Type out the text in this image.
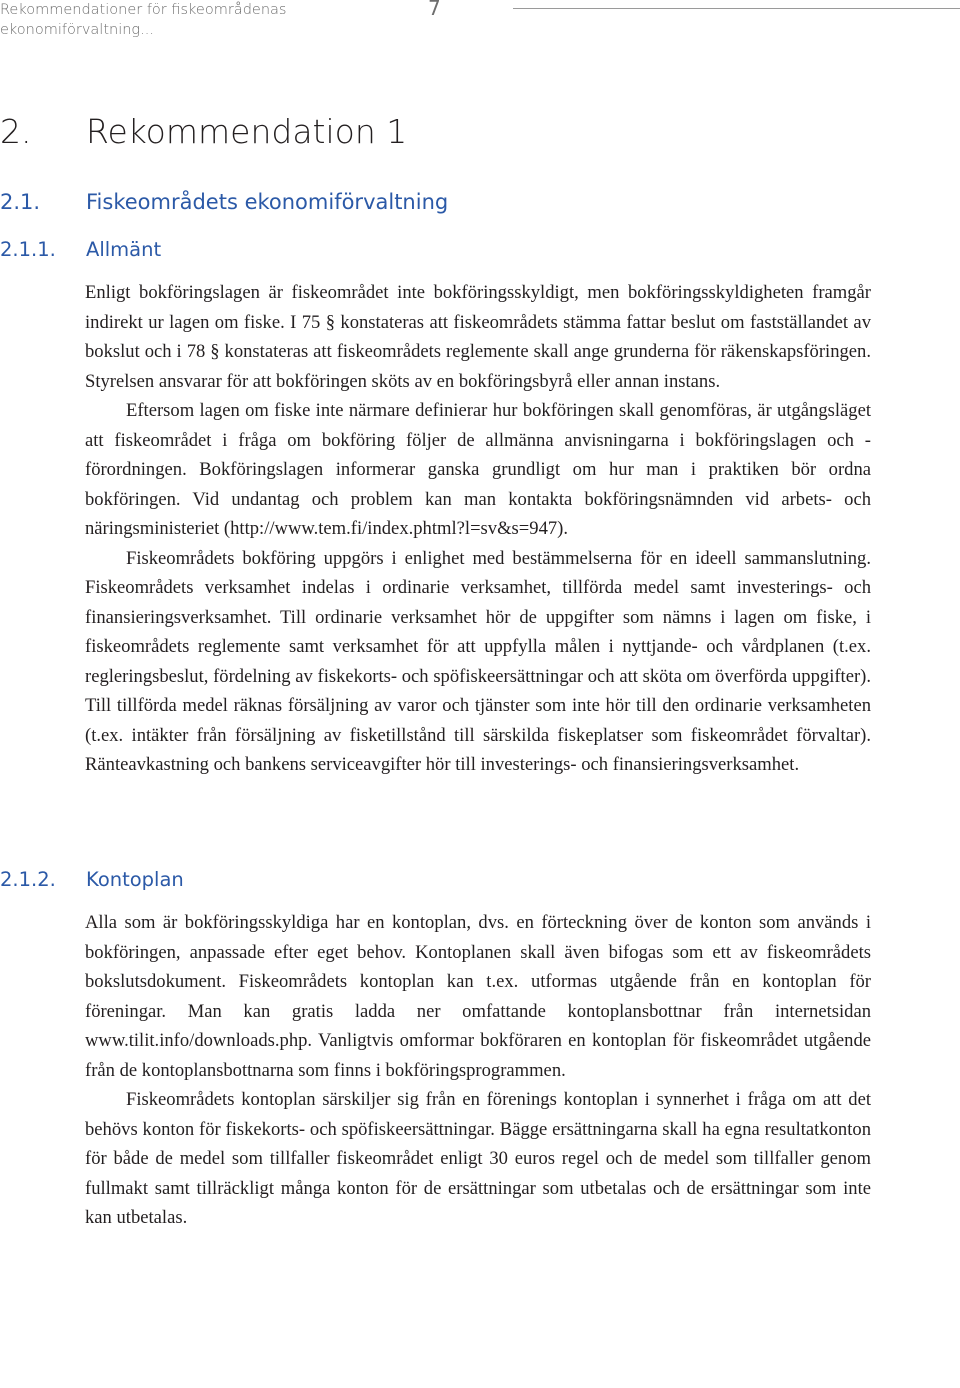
Rekommendationer för fiskeområdenas ekonomiförvaltning...
7
2. Rekommendation 1
2.1. Fiskeområdets ekonomiförvaltning
2.1.1. Allmänt

Enligt bokföringslagen är fiskeområdet inte bokföringsskyldigt, men bokföringsskyldigheten framgår indirekt ur lagen om fiske. I 75 § konstateras att fiskeområdets stämma fattar beslut om fastställandet av bokslut och i 78 § konstateras att fiskeområdets reglemente skall ange grunderna för räkenskapsföringen. Styrelsen ansvarar för att bokföringen sköts av en bokföringsbyrå eller annan instans.

Eftersom lagen om fiske inte närmare definierar hur bokföringen skall genomföras, är utgångsläget att fiskeområdet i fråga om bokföring följer de allmänna anvisningarna i bokföringslagen och -förordningen. Bokföringslagen informerar ganska grundligt om hur man i praktiken bör ordna bokföringen. Vid undantag och problem kan man kontakta bokföringsnämnden vid arbets- och näringsministeriet (http://www.tem.fi/index.phtml?l=sv&s=947).

Fiskeområdets bokföring uppgörs i enlighet med bestämmelserna för en ideell sammanslutning. Fiskeområdets verksamhet indelas i ordinarie verksamhet, tillförda medel samt investerings- och finansieringsverksamhet. Till ordinarie verksamhet hör de uppgifter som nämns i lagen om fiske, i fiskeområdets reglemente samt verksamhet för att uppfylla målen i nyttjande- och vårdplanen (t.ex. regleringsbeslut, fördelning av fiskekorts- och spöfiskeersättningar och att sköta om överförda uppgifter). Till tillförda medel räknas försäljning av varor och tjänster som inte hör till den ordinarie verksamheten (t.ex. intäkter från försäljning av fisketillstånd till särskilda fiskeplatser som fiskeområdet förvaltar). Ränteavkastning och bankens serviceavgifter hör till investerings- och finansieringsverksamhet.

2.1.2. Kontoplan

Alla som är bokföringsskyldiga har en kontoplan, dvs. en förteckning över de konton som används i bokföringen, anpassade efter eget behov. Kontoplanen skall även bifogas som ett av fiskeområdets bokslutsdokument. Fiskeområdets kontoplan kan t.ex. utformas utgående från en kontoplan för föreningar. Man kan gratis ladda ner omfattande kontoplansbottnar från internetsidan www.tilit.info/downloads.php. Vanligtvis omformar bokföraren en kontoplan för fiskeområdet utgående från de kontoplansbottnarna som finns i bokföringsprogrammen.

Fiskeområdets kontoplan särskiljer sig från en förenings kontoplan i synnerhet i fråga om att det behövs konton för fiskekorts- och spöfiskeersättningar. Bägge ersättningarna skall ha egna resultatkonton för både de medel som tillfaller fiskeområdet enligt 30 euros regel och de medel som tillfaller genom fullmakt samt tillräckligt många konton för de ersättningar som utbetalas och de ersättningar som inte kan utbetalas.
